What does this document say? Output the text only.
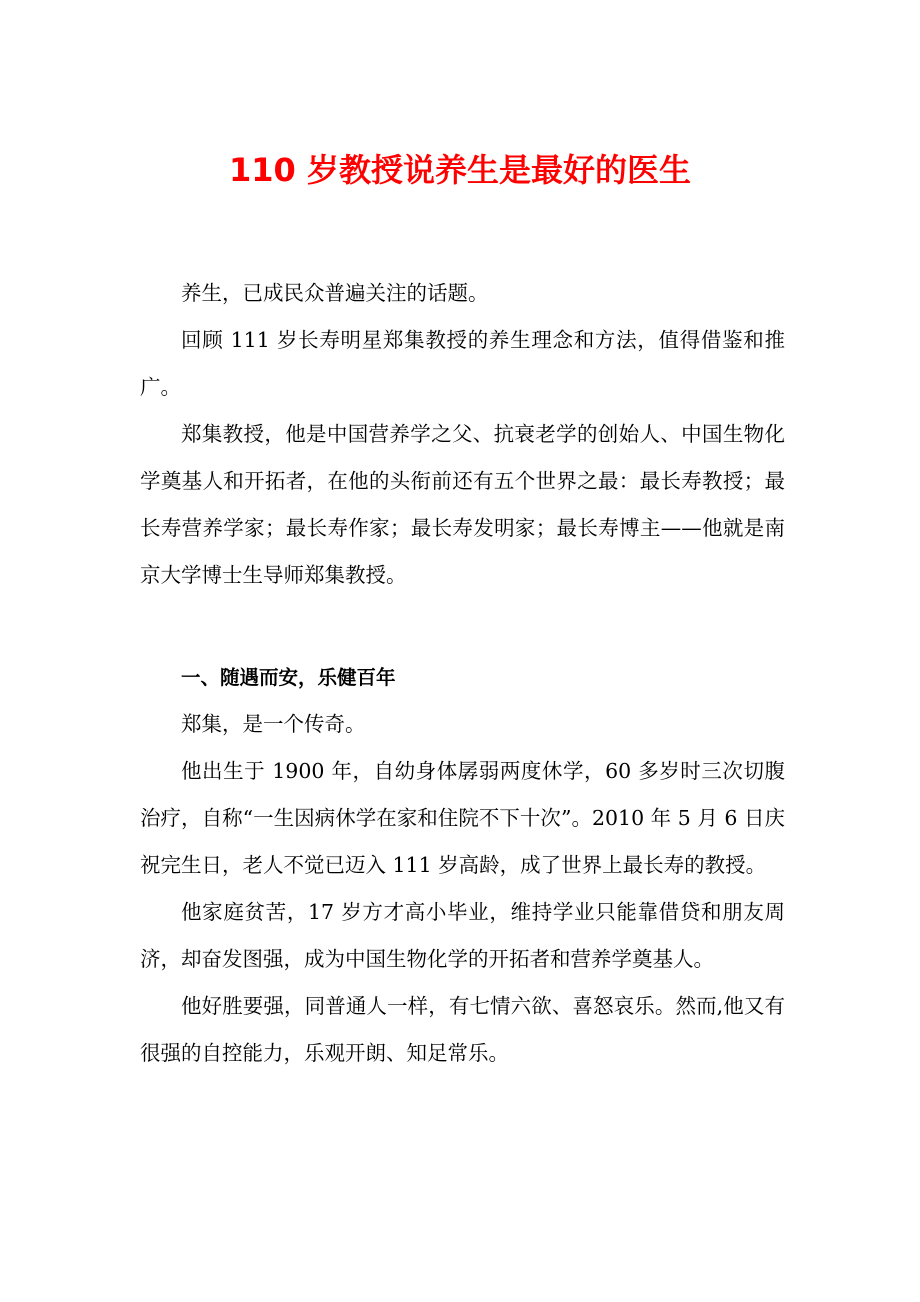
110 岁教授说养生是最好的医生

养生，已成民众普遍关注的话题。

回顾 111 岁长寿明星郑集教授的养生理念和方法，值得借鉴和推广。

郑集教授，他是中国营养学之父、抗衰老学的创始人、中国生物化学奠基人和开拓者，在他的头衔前还有五个世界之最：最长寿教授；最长寿营养学家；最长寿作家；最长寿发明家；最长寿博主——他就是南京大学博士生导师郑集教授。

一、随遇而安，乐健百年

郑集，是一个传奇。

他出生于 1900 年，自幼身体孱弱两度休学，60 多岁时三次切腹治疗，自称“一生因病休学在家和住院不下十次”。2010 年 5 月 6 日庆祝完生日，老人不觉已迈入 111 岁高龄，成了世界上最长寿的教授。

他家庭贫苦，17 岁方才高小毕业，维持学业只能靠借贷和朋友周济，却奋发图强，成为中国生物化学的开拓者和营养学奠基人。

他好胜要强，同普通人一样，有七情六欲、喜怒哀乐。然而,他又有很强的自控能力，乐观开朗、知足常乐。
